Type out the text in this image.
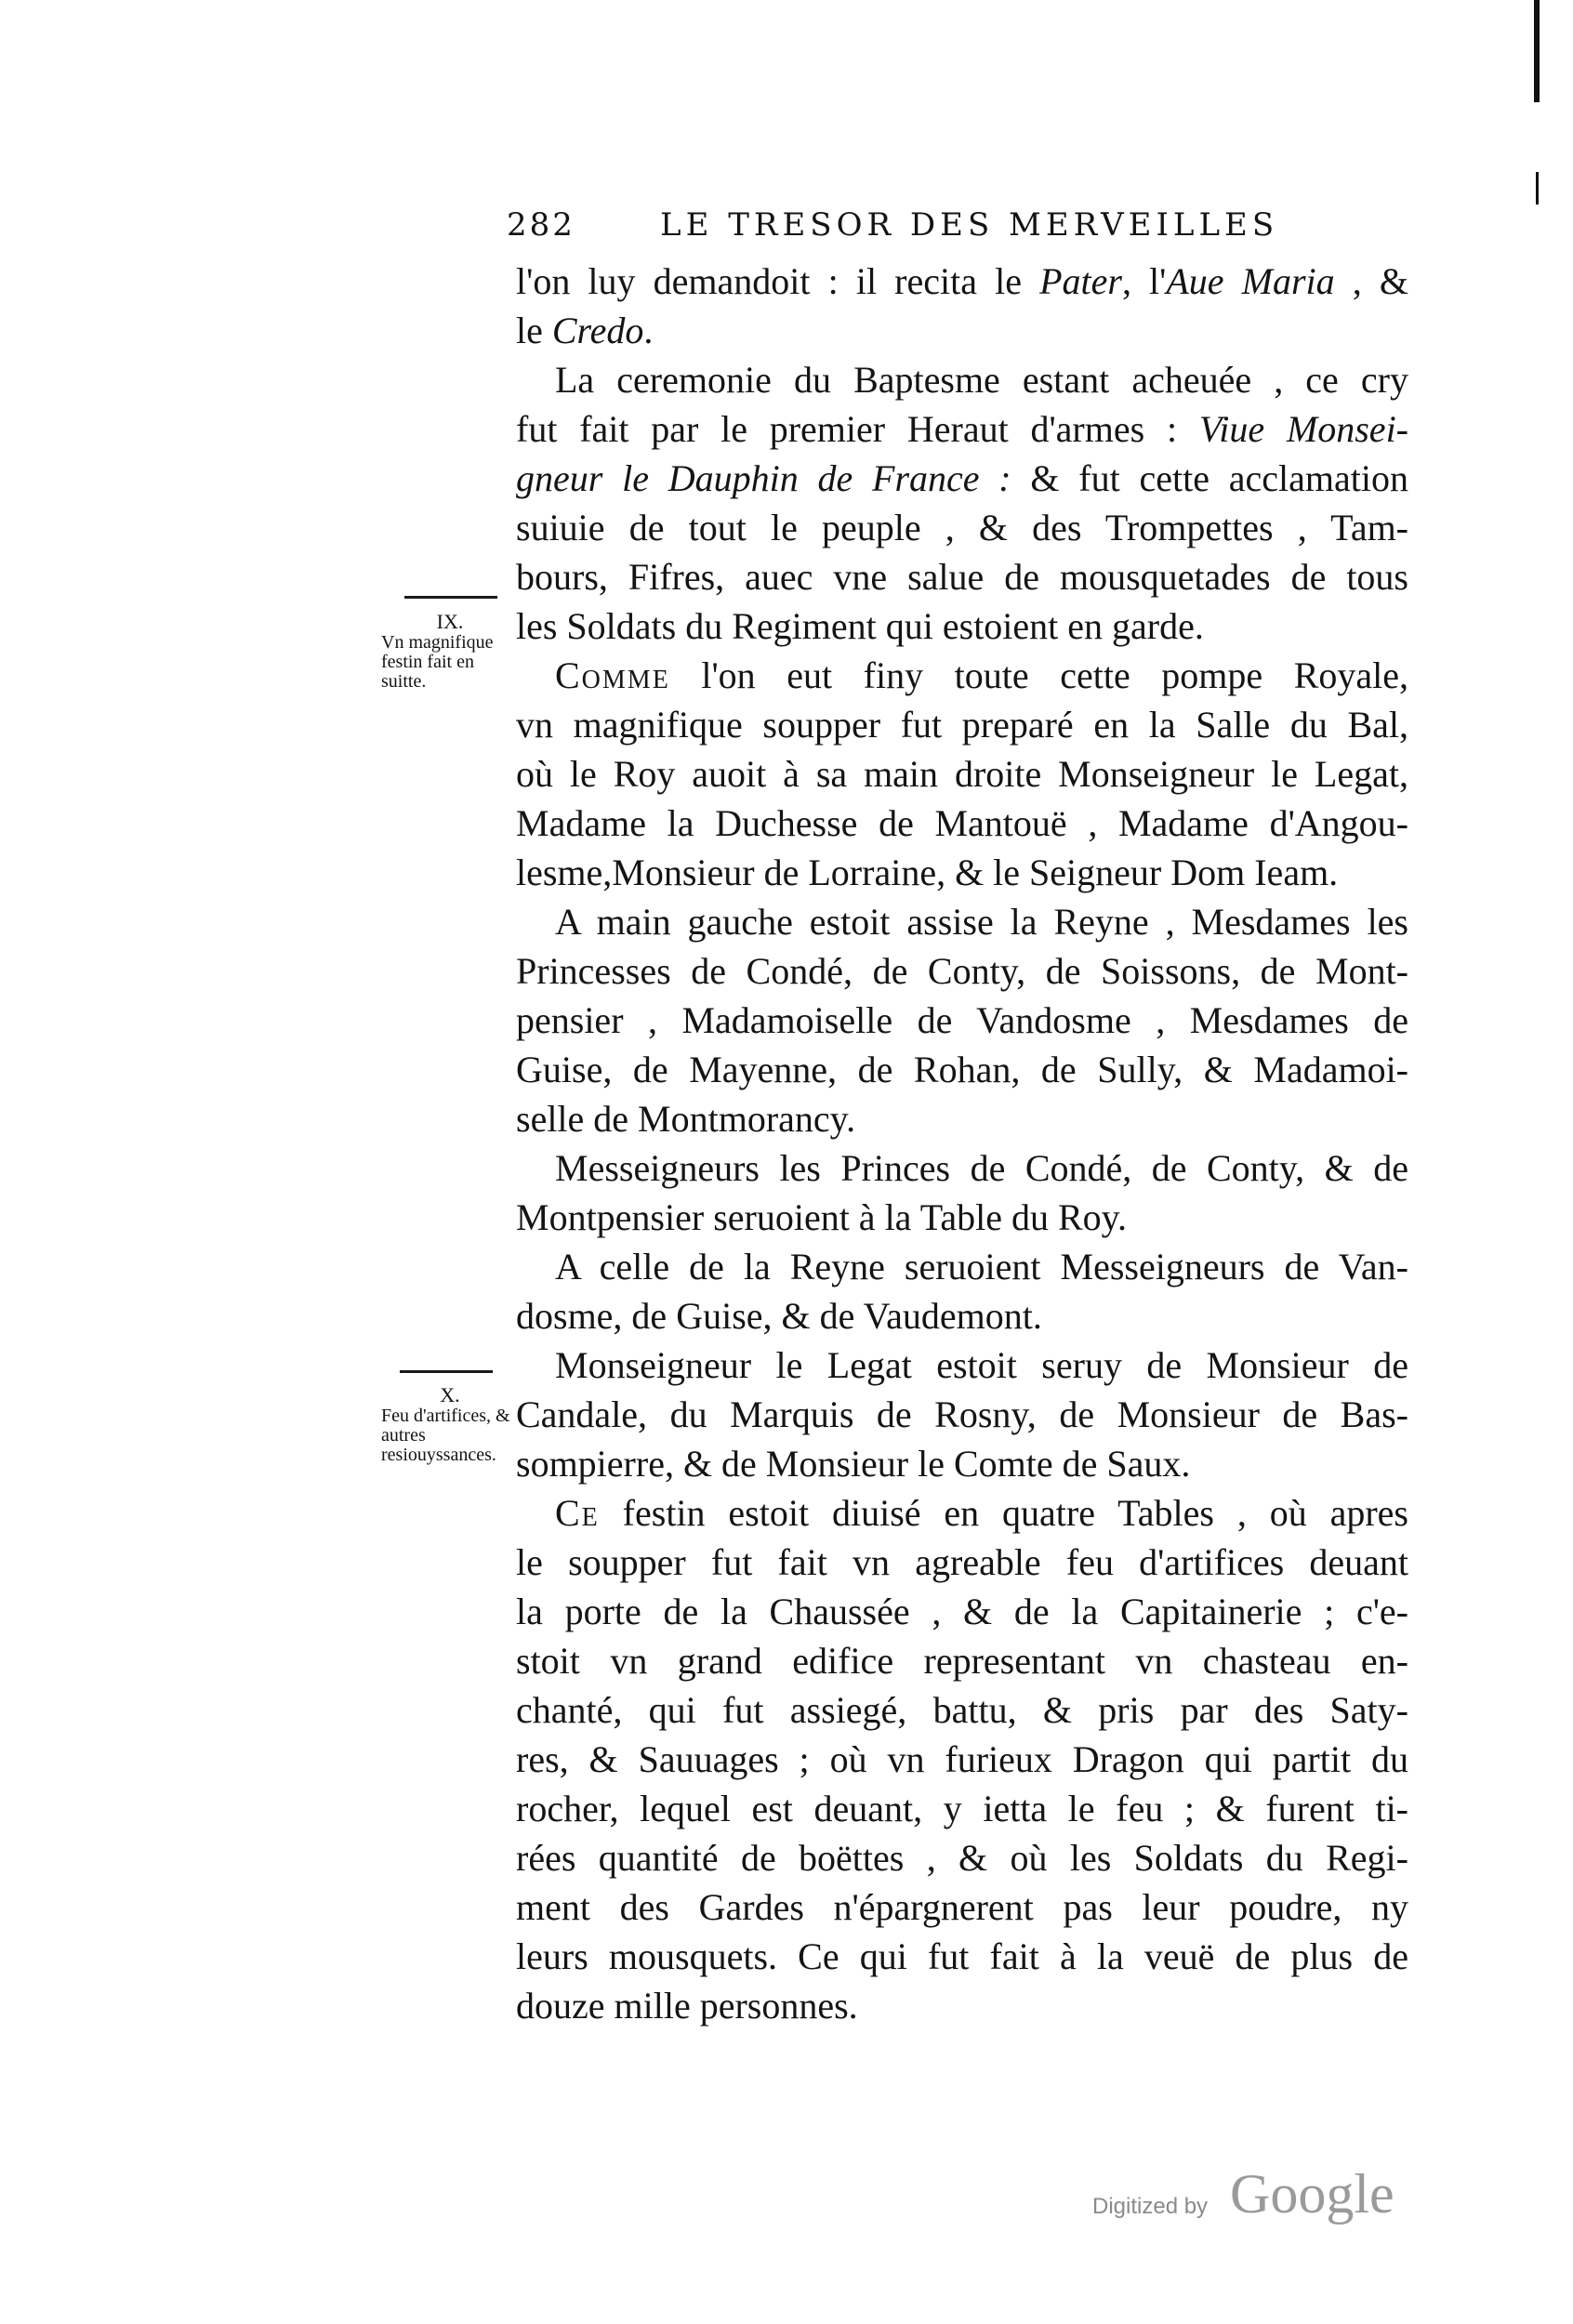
282	LE TRESOR DES MERVEILLES
IX.
Vn magnifique festin fait en suitte.
X.
Feu d'artifices, & autres resiouyssances.
l'on luy demandoit : il recita le Pater, l'Aue Maria , &
le Credo.
La ceremonie du Baptesme estant acheuée , ce cry
fut fait par le premier Heraut d'armes : Viue Monsei-
gneur le Dauphin de France : & fut cette acclamation
suiuie de tout le peuple , & des Trompettes , Tam-
bours, Fifres, auec vne salue de mousquetades de tous
les Soldats du Regiment qui estoient en garde.
Comme l'on eut finy toute cette pompe Royale,
vn magnifique soupper fut preparé en la Salle du Bal,
où le Roy auoit à sa main droite Monseigneur le Legat,
Madame la Duchesse de Mantouë , Madame d'Angou-
lesme,Monsieur de Lorraine, & le Seigneur Dom Ieam.
A main gauche estoit assise la Reyne , Mesdames les
Princesses de Condé, de Conty, de Soissons, de Mont-
pensier , Madamoiselle de Vandosme , Mesdames de
Guise, de Mayenne, de Rohan, de Sully, & Madamoi-
selle de Montmorancy.
Messeigneurs les Princes de Condé, de Conty, & de
Montpensier seruoient à la Table du Roy.
A celle de la Reyne seruoient Messeigneurs de Van-
dosme, de Guise, & de Vaudemont.
Monseigneur le Legat estoit seruy de Monsieur de
Candale, du Marquis de Rosny, de Monsieur de Bas-
sompierre, & de Monsieur le Comte de Saux.
Ce festin estoit diuisé en quatre Tables , où apres
le soupper fut fait vn agreable feu d'artifices deuant
la porte de la Chaussée , & de la Capitainerie ; c'e-
stoit vn grand edifice representant vn chasteau en-
chanté, qui fut assiegé, battu, & pris par des Saty-
res, & Sauuages ; où vn furieux Dragon qui partit du
rocher, lequel est deuant, y ietta le feu ; & furent ti-
rées quantité de boëttes , & où les Soldats du Regi-
ment des Gardes n'épargnerent pas leur poudre, ny
leurs mousquets. Ce qui fut fait à la veuë de plus de
douze mille personnes.
Digitized by Google
